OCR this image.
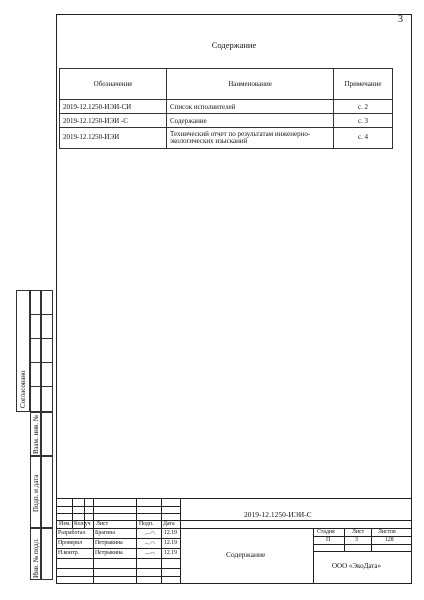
3
Содержание
Обозначение	Наименование	Примечание
2019-12.1250-ИЭИ-СИ	Список исполнителей	с. 2
2019-12.1250-ИЭИ -С	Содержание	с. 3
2019-12.1250-ИЭИ	Технический отчет по результатам инженерно-экологических изысканий	с. 4
Согласовано
Взам. инв. №
Подп. и дата
Инв. № подл.
2019-12.1250-ИЭИ-С
Изм. Кол.уч Лист	Подп. Дата
Разработал Брагина	12.19
Проверил Петрыкина	12.19
Н.контр.	Петрыкина	12.19	Содержание
Стадия	Лист Листов
П	3	128
ООО «ЭкоДата»
